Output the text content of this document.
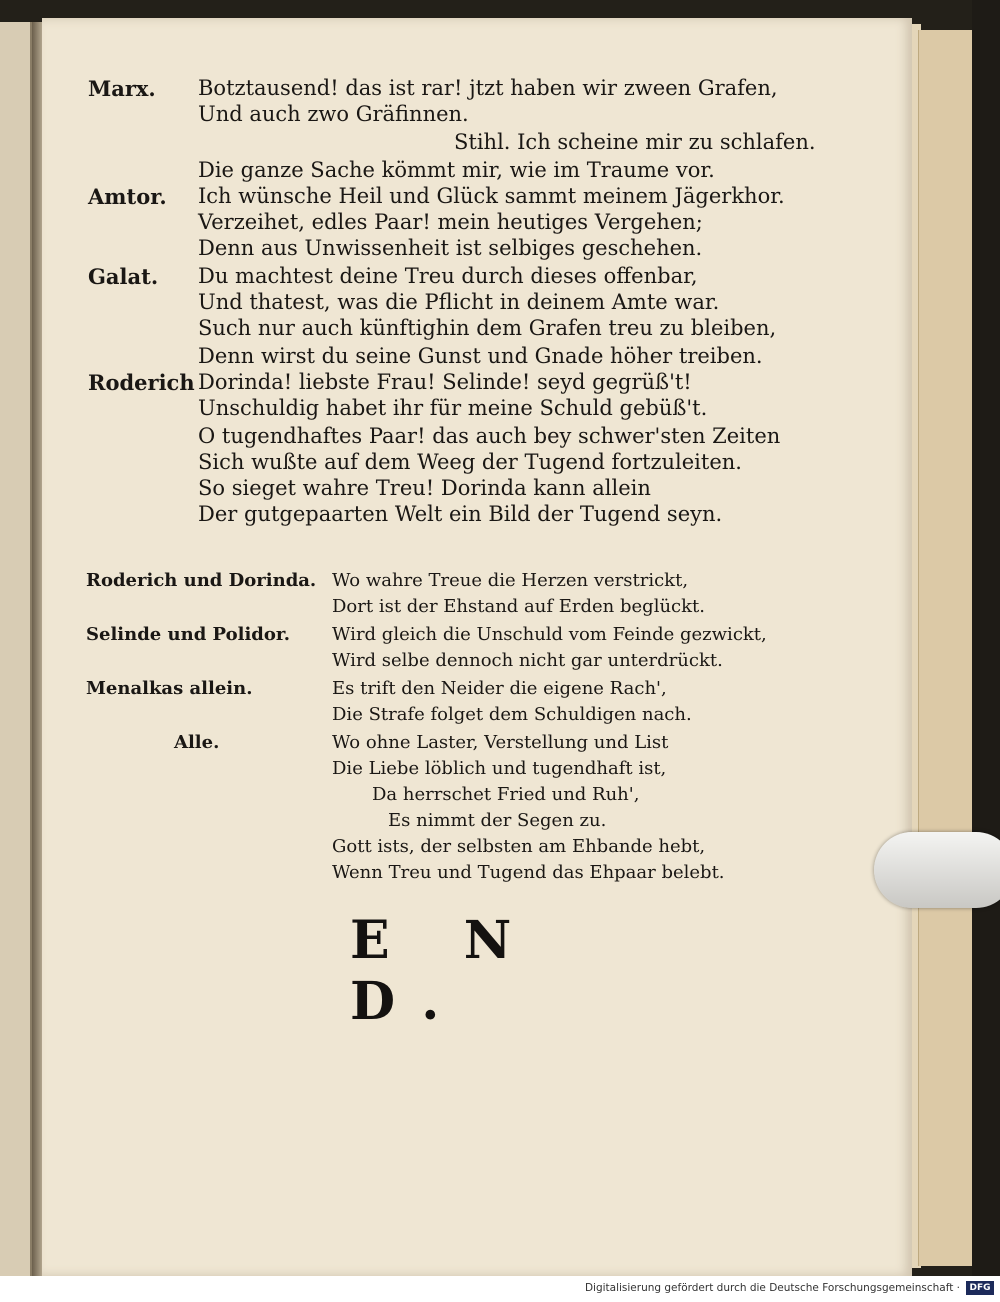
Marx. Botztausend! das ist rar! jtzt haben wir zween Grafen,
Und auch zwo Gräfinnen.
Stihl. Ich scheine mir zu schlafen.
Die ganze Sache kömmt mir, wie im Traume vor.
Amtor. Ich wünsche Heil und Glück sammt meinem Jägerkhor.
Verzeihet, edles Paar! mein heutiges Vergehen;
Denn aus Unwissenheit ist selbiges geschehen.
Galat. Du machtest deine Treu durch dieses offenbar,
Und thatest, was die Pflicht in deinem Amte war.
Such nur auch künftighin dem Grafen treu zu bleiben,
Denn wirst du seine Gunst und Gnade höher treiben.
Roderich Dorinda! liebste Frau! Selinde! seyd gegrüß't!
Unschuldig habet ihr für meine Schuld gebüß't.
O tugendhaftes Paar! das auch bey schwer'sten Zeiten
Sich wußte auf dem Weeg der Tugend fortzuleiten.
So sieget wahre Treu! Dorinda kann allein
Der gutgepaarten Welt ein Bild der Tugend seyn.
Roderich und Dorinda. Wo wahre Treue die Herzen verstrickt,
Dort ist der Ehstand auf Erden beglückt.
Selinde und Polidor. Wird gleich die Unschuld vom Feinde gezwickt,
Wird selbe dennoch nicht gar unterdrückt.
Menalkas allein.	Es trift den Neider die eigene Rach',
Die Strafe folget dem Schuldigen nach.
Alle.	Wo ohne Laster, Verstellung und List
Die Liebe löblich und tugendhaft ist,
Da herrschet Fried und Ruh',
Es nimmt der Segen zu.
Gott ists, der selbsten am Ehbande hebt,
Wenn Treu und Tugend das Ehpaar belebt.
E N D.
Digitalisierung gefördert durch die Deutsche Forschungsgemeinschaft ·	DFG
